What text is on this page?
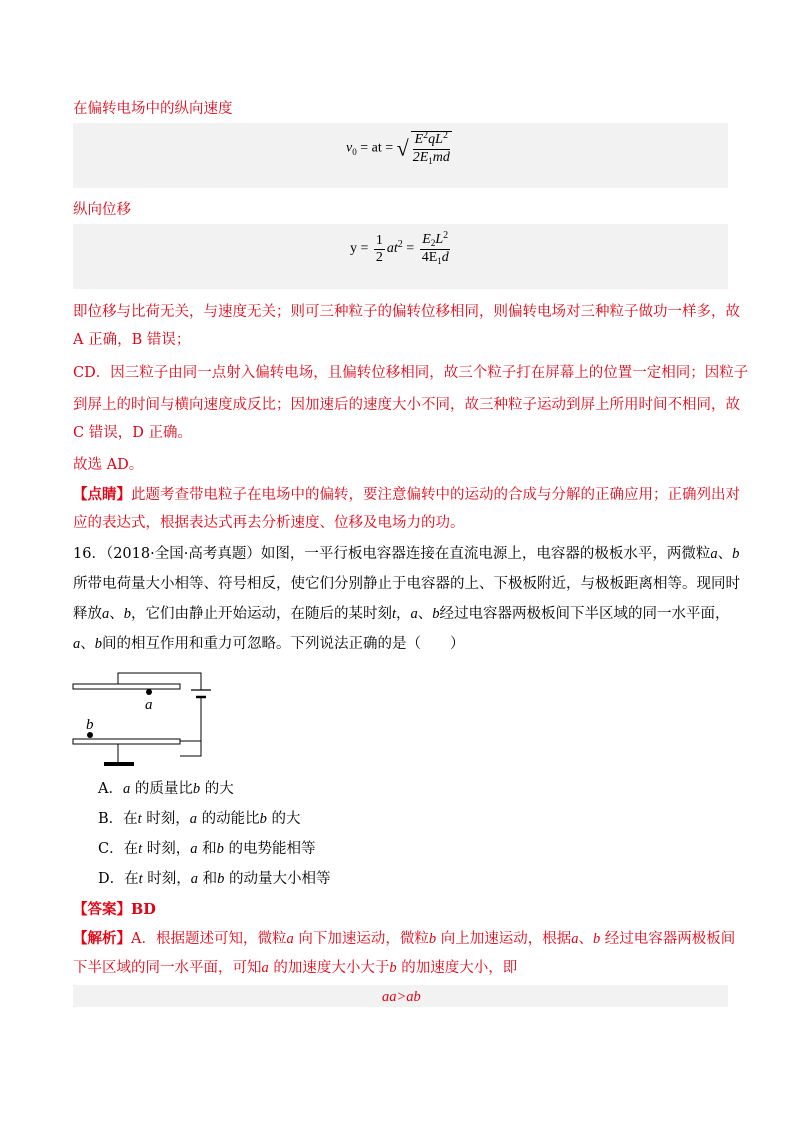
在偏转电场中的纵向速度
$v_0$ = at = √ $\frac{E^2qL^2}{2E_1md}$
纵向位移
$y = \frac{1}{2} at^2 = \frac{E_2L^2}{4E_1d}$
即位移与比荷无关，与速度无关；则可三种粒子的偏转位移相同，则偏转电场对三种粒子做功一样多，故
A 正确，B 错误；
CD．因三粒子由同一点射入偏转电场，且偏转位移相同，故三个粒子打在屏幕上的位置一定相同；因粒子
到屏上的时间与横向速度成反比；因加速后的速度大小不同，故三种粒子运动到屏上所用时间不相同，故
C 错误，D 正确。
故选 AD。
【点睛】此题考查带电粒子在电场中的偏转，要注意偏转中的运动的合成与分解的正确应用；正确列出对
应的表达式，根据表达式再去分析速度、位移及电场力的功。
16．（2018·全国·高考真题）如图，一平行板电容器连接在直流电源上，电容器的极板水平，两微粒a、b
所带电荷量大小相等、符号相反，使它们分别静止于电容器的上、下极板附近，与极板距离相等。现同时
释放a、b，它们由静止开始运动，在随后的某时刻t，a、b经过电容器两极板间下半区域的同一水平面，
a、b间的相互作用和重力可忽略。下列说法正确的是（　　）
a
b
A．a 的质量比b 的大
B．在t 时刻，a 的动能比b 的大
C．在t 时刻，a 和b 的电势能相等
D．在t 时刻，a 和b 的动量大小相等
【答案】BD
【解析】A．根据题述可知，微粒a 向下加速运动，微粒b 向上加速运动，根据a、b 经过电容器两极板间
下半区域的同一水平面，可知a 的加速度大小大于b 的加速度大小，即
aa>ab
